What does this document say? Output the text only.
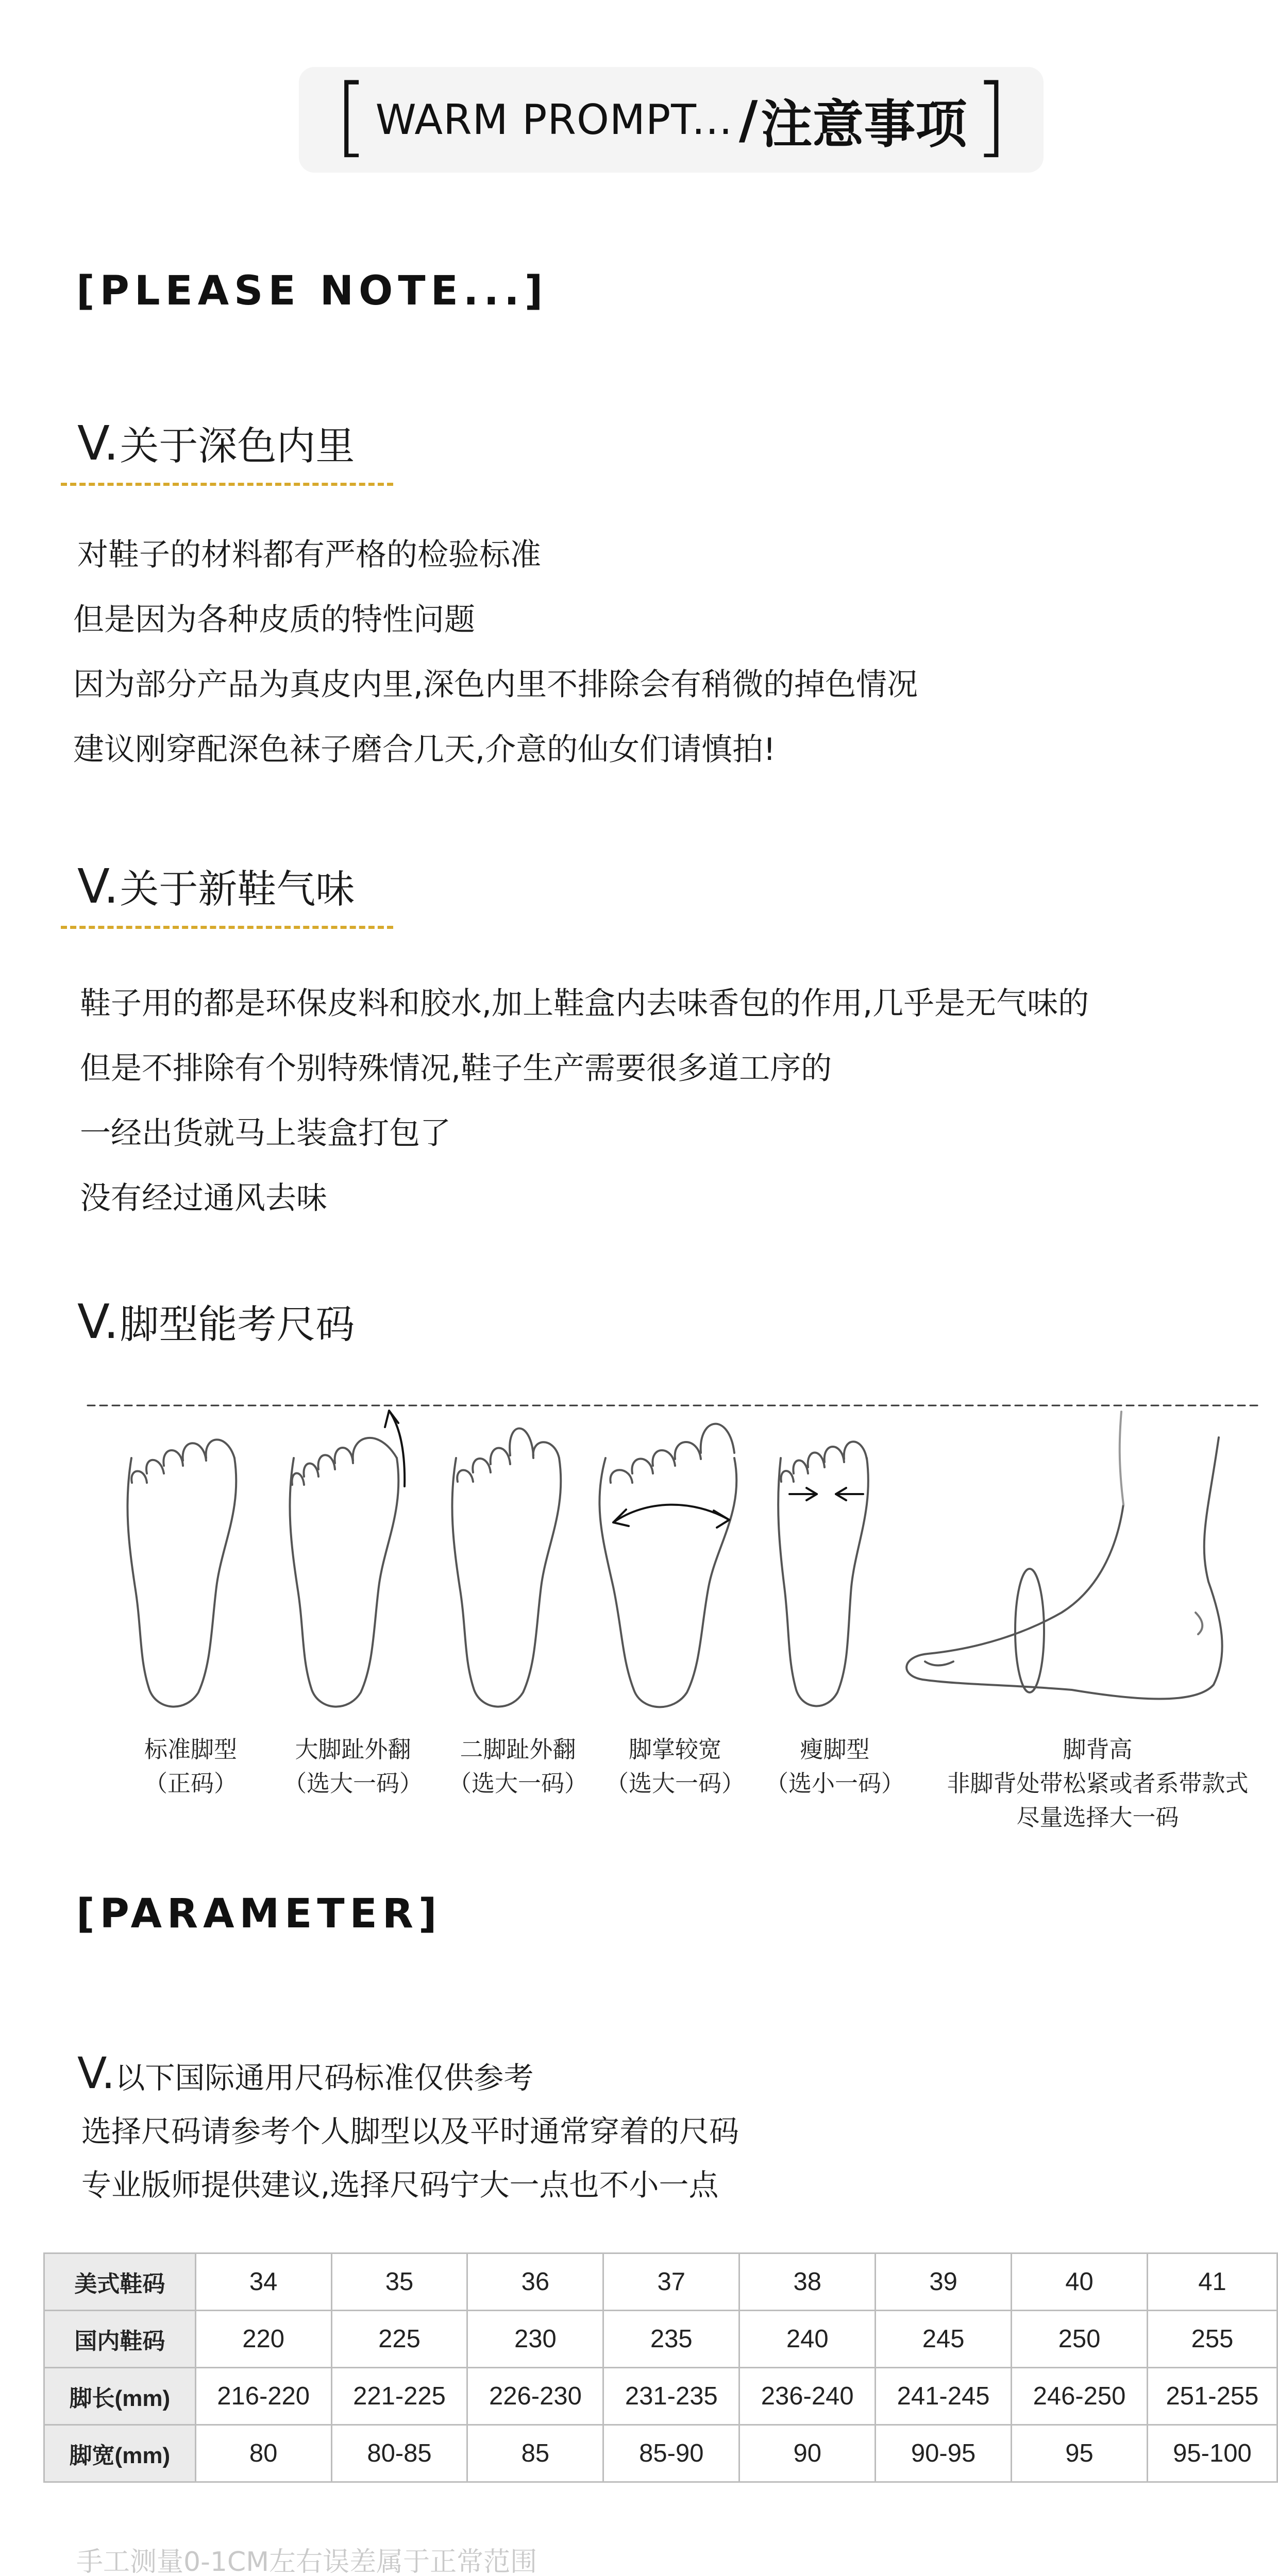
[ WARM PROMPT... / 注意事项 ]
[PLEASE NOTE...]
V.关于深色内里

对鞋子的材料都有严格的检验标准

但是因为各种皮质的特性问题

因为部分产品为真皮内里,深色内里不排除会有稍微的掉色情况

建议刚穿配深色袜子磨合几天,介意的仙女们请慎拍!

V.关于新鞋气味

鞋子用的都是环保皮料和胶水,加上鞋盒内去味香包的作用,几乎是无气味的

但是不排除有个别特殊情况,鞋子生产需要很多道工序的

一经出货就马上装盒打包了

没有经过通风去味

V.脚型能考尺码
标准脚型
（正码）
大脚趾外翻
（选大一码）
二脚趾外翻
（选大一码）
脚掌较宽
（选大一码）
瘦脚型
（选小一码）
脚背高
非脚背处带松紧或者系带款式
尽量选择大一码
[PARAMETER]
V.以下国际通用尺码标准仅供参考

选择尺码请参考个人脚型以及平时通常穿着的尺码

专业版师提供建议,选择尺码宁大一点也不小一点

美式鞋码	34	35	36	37	38	39	40	41
国内鞋码	220	225	230	235	240	245	250	255
脚长(mm)	216-220	221-225	226-230	231-235	236-240	241-245	246-250	251-255
脚宽(mm)	80	80-85	85	85-90	90	90-95	95	95-100
手工测量0-1CM左右误差属于正常范围
